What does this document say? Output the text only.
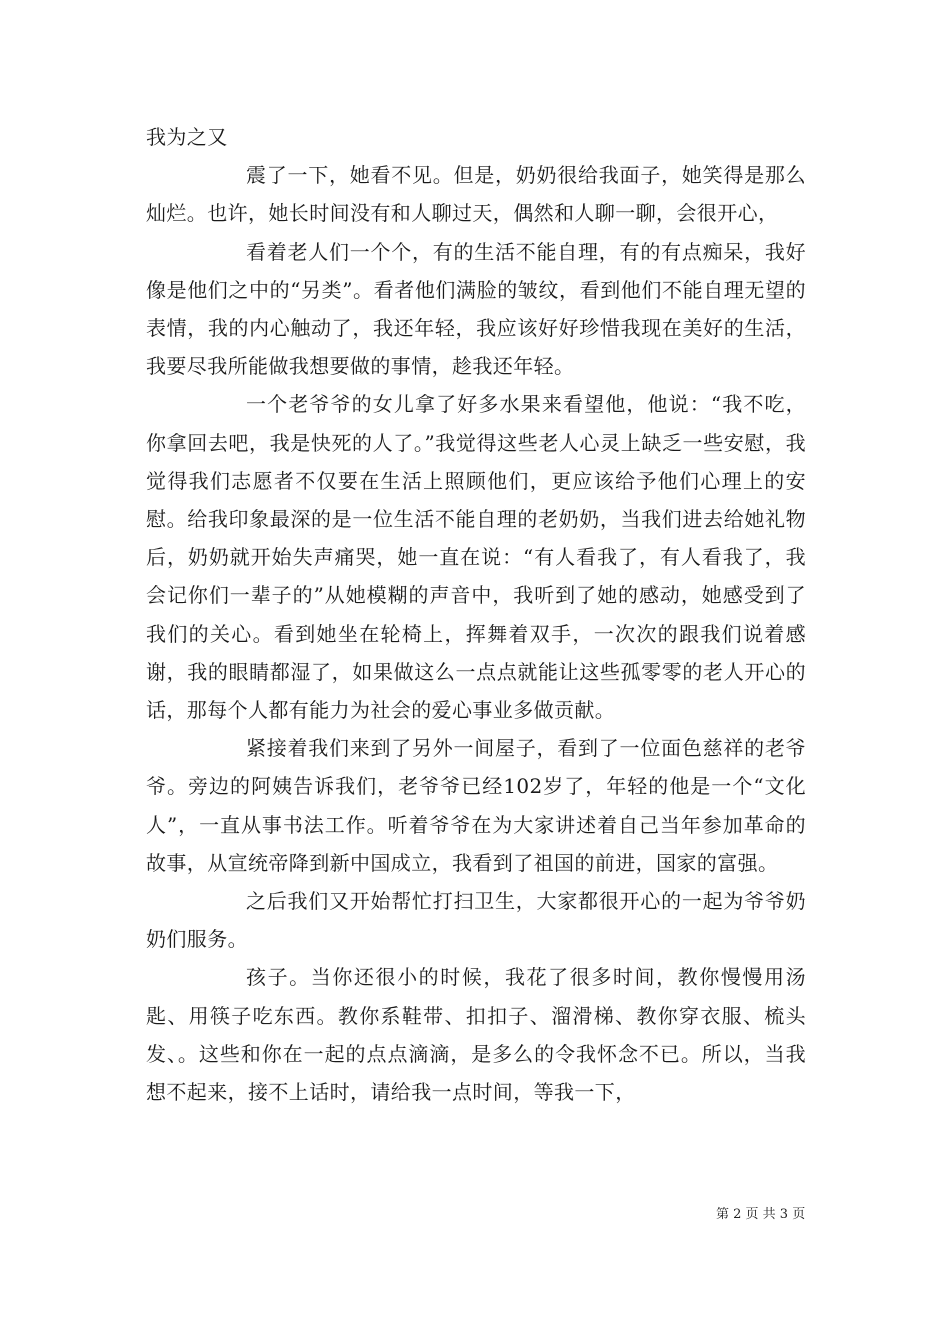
我为之又

震了一下，她看不见。但是，奶奶很给我面子，她笑得是那么灿烂。也许，她长时间没有和人聊过天，偶然和人聊一聊，会很开心，

看着老人们一个个，有的生活不能自理，有的有点痴呆，我好像是他们之中的“另类”。看者他们满脸的皱纹，看到他们不能自理无望的表情，我的内心触动了，我还年轻，我应该好好珍惜我现在美好的生活，我要尽我所能做我想要做的事情，趁我还年轻。

一个老爷爷的女儿拿了好多水果来看望他，他说：“我不吃，你拿回去吧，我是快死的人了。”我觉得这些老人心灵上缺乏一些安慰，我觉得我们志愿者不仅要在生活上照顾他们，更应该给予他们心理上的安慰。给我印象最深的是一位生活不能自理的老奶奶，当我们进去给她礼物后，奶奶就开始失声痛哭，她一直在说：“有人看我了，有人看我了，我会记你们一辈子的”从她模糊的声音中，我听到了她的感动，她感受到了我们的关心。看到她坐在轮椅上，挥舞着双手，一次次的跟我们说着感谢，我的眼睛都湿了，如果做这么一点点就能让这些孤零零的老人开心的话，那每个人都有能力为社会的爱心事业多做贡献。

紧接着我们来到了另外一间屋子，看到了一位面色慈祥的老爷爷。旁边的阿姨告诉我们，老爷爷已经102岁了，年轻的他是一个“文化人”，一直从事书法工作。听着爷爷在为大家讲述着自己当年参加革命的故事，从宣统帝降到新中国成立，我看到了祖国的前进，国家的富强。

之后我们又开始帮忙打扫卫生，大家都很开心的一起为爷爷奶奶们服务。

孩子。当你还很小的时候，我花了很多时间，教你慢慢用汤匙、用筷子吃东西。教你系鞋带、扣扣子、溜滑梯、教你穿衣服、梳头发、。这些和你在一起的点点滴滴，是多么的令我怀念不已。所以，当我想不起来，接不上话时，请给我一点时间，等我一下，

第 2 页 共 3 页
